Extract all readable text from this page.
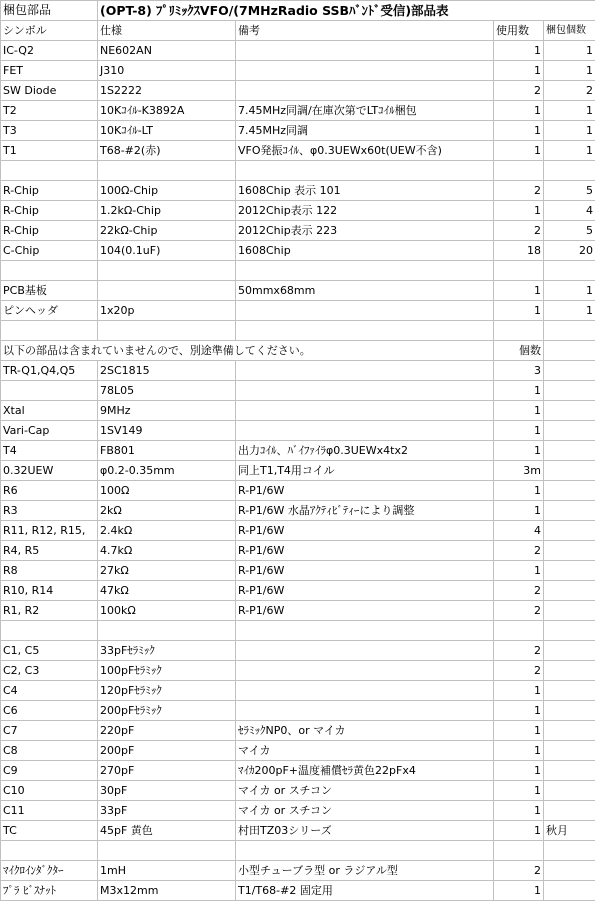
梱包部品	(OPT-8) ﾌﾟﾘﾐｯｸｽVFO/(7MHzRadio SSBﾊﾞﾝﾄﾞ受信)部品表			
シンボル	仕様	備考	使用数	梱包個数
IC-Q2	NE602AN		1	1
FET	J310		1	1
SW Diode	1S2222		2	2
T2	10Kｺｲﾙ-K3892A	7.45MHz同調/在庫次第でLTｺｲﾙ梱包	1	1
T3	10Kｺｲﾙ-LT	7.45MHz同調	1	1
T1	T68-#2(赤)	VFO発振ｺｲﾙ、φ0.3UEWx60t(UEW不含)	1	1

R-Chip	100Ω-Chip	1608Chip 表示 101	2	5
R-Chip	1.2kΩ-Chip	2012Chip表示 122	1	4
R-Chip	22kΩ-Chip	2012Chip表示 223	2	5
C-Chip	104(0.1uF)	1608Chip	18	20

PCB基板		50mmx68mm	1	1
ピンヘッダ	1x20p		1	1

以下の部品は含まれていませんので、別途準備してください。			個数	
TR-Q1,Q4,Q5	2SC1815		3	
	78L05		1	
Xtal	9MHz		1	
Vari-Cap	1SV149		1	
T4	FB801	出力ｺｲﾙ、ﾊﾞｲﾌｧｲﾗφ0.3UEWx4tx2	1	
0.32UEW	φ0.2-0.35mm	同上T1,T4用コイル	3m	
R6	100Ω	R-P1/6W	1	
R3	2kΩ	R-P1/6W 水晶ｱｸﾃｨﾋﾞﾃｨｰにより調整	1	
R11, R12, R15,	2.4kΩ	R-P1/6W	4	
R4, R5	4.7kΩ	R-P1/6W	2	
R8	27kΩ	R-P1/6W	1	
R10, R14	47kΩ	R-P1/6W	2	
R1, R2	100kΩ	R-P1/6W	2	

C1, C5	33pFｾﾗﾐｯｸ		2	
C2, C3	100pFｾﾗﾐｯｸ		2	
C4	120pFｾﾗﾐｯｸ		1	
C6	200pFｾﾗﾐｯｸ		1	
C7	220pF	ｾﾗﾐｯｸNP0、or マイカ	1	
C8	200pF	マイカ	1	
C9	270pF	ﾏｲｶ200pF+温度補償ｾﾗ黄色22pFx4	1	
C10	30pF	マイカ or スチコン	1	
C11	33pF	マイカ or スチコン	1	
TC	45pF 黄色	村田TZ03シリーズ	1	秋月

ﾏｲｸﾛｲﾝﾀﾞｸﾀｰ	1mH	小型チューブラ型 or ラジアル型	2	
ﾌﾟﾗ ﾋﾞｽﾅｯﾄ	M3x12mm	T1/T68-#2 固定用	1	
